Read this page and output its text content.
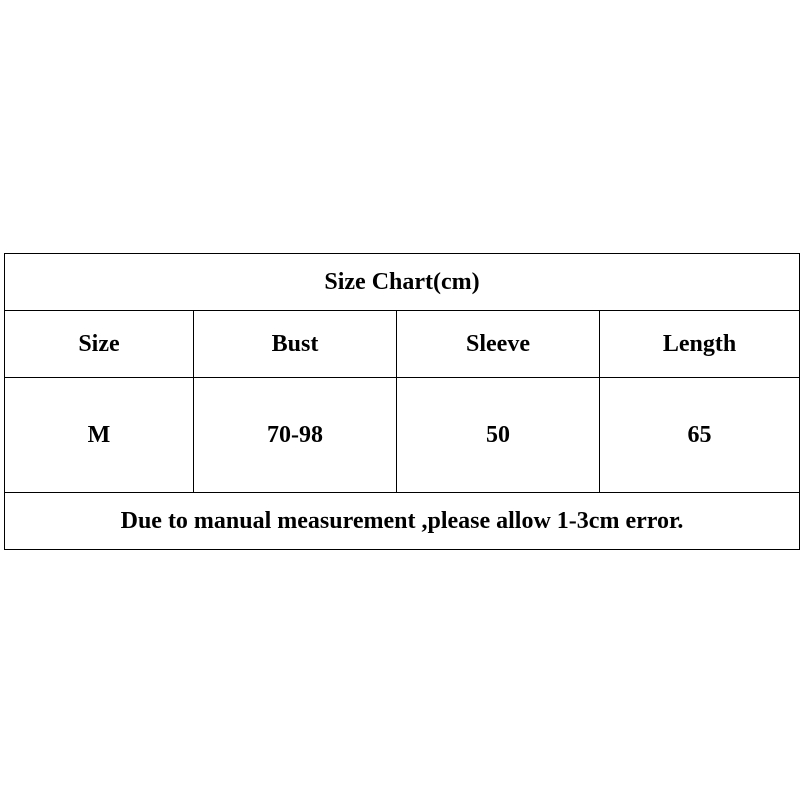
Size Chart(cm)			
Size	Bust	Sleeve	Length
M	70-98	50	65
Due to manual measurement ,please allow 1-3cm error.			
